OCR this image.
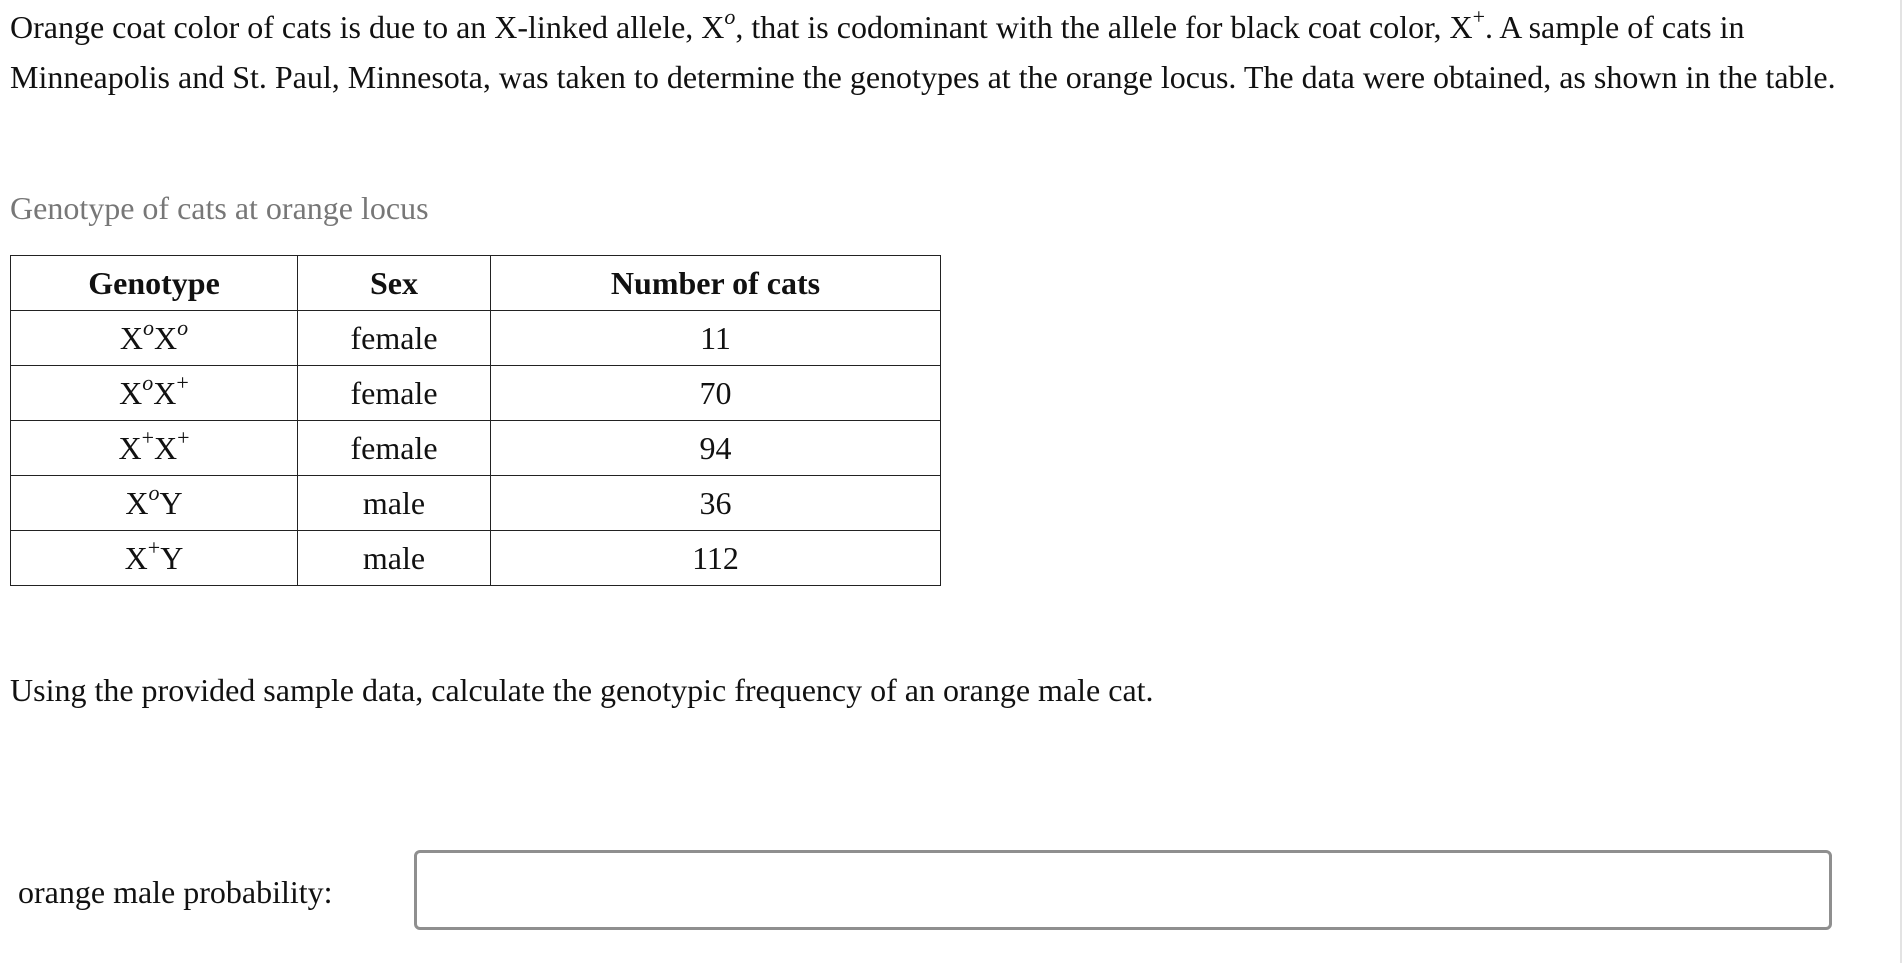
Orange coat color of cats is due to an X-linked allele, $X^o$, that is codominant with the allele for black coat color, X+. A sample of cats in Minneapolis and St. Paul, Minnesota, was taken to determine the genotypes at the orange locus. The data were obtained, as shown in the table.

Genotype of cats at orange locus

Genotype	Sex	Number of cats
$X^oX^o$	female	11
$X^oX^+$	female	70
X+X+	female	94
$X^oY$	male	36
X+Y	male	112

Using the provided sample data, calculate the genotypic frequency of an orange male cat.

orange male probability:
